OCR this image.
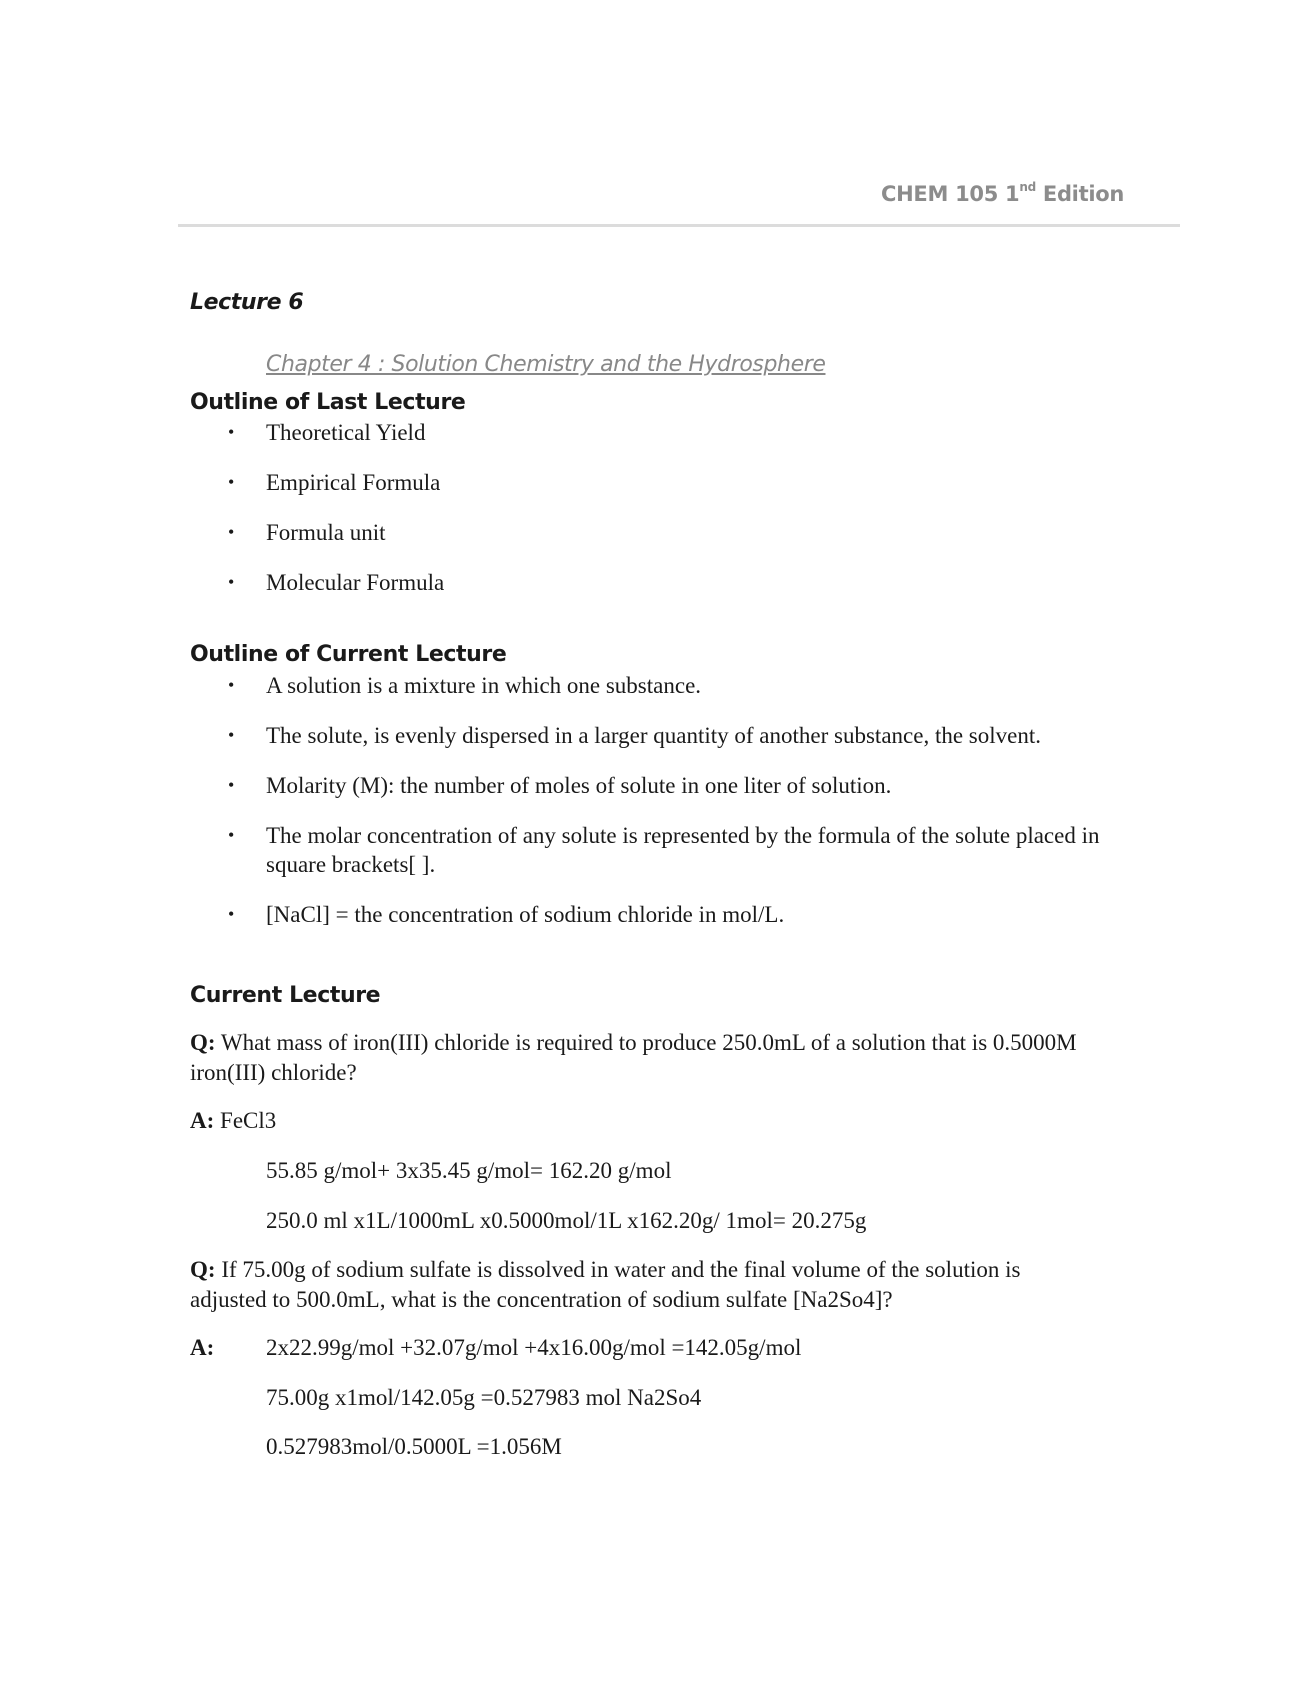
CHEM 105 1nd Edition
Lecture 6
Chapter 4 : Solution Chemistry and the Hydrosphere
Outline of Last Lecture
• Theoretical Yield
• Empirical Formula
• Formula unit
• Molecular Formula
Outline of Current Lecture
• A solution is a mixture in which one substance.
• The solute, is evenly dispersed in a larger quantity of another substance, the solvent.
• Molarity (M): the number of moles of solute in one liter of solution.
• The molar concentration of any solute is represented by the formula of the solute placed in square brackets[ ].
• [NaCl] = the concentration of sodium chloride in mol/L.
Current Lecture
Q: What mass of iron(III) chloride is required to produce 250.0mL of a solution that is 0.5000M iron(III) chloride?
A: FeCl3
55.85 g/mol+ 3x35.45 g/mol= 162.20 g/mol
250.0 ml x1L/1000mL x0.5000mol/1L x162.20g/ 1mol= 20.275g
Q: If 75.00g of sodium sulfate is dissolved in water and the final volume of the solution is adjusted to 500.0mL, what is the concentration of sodium sulfate [Na2So4]?
A:	2x22.99g/mol +32.07g/mol +4x16.00g/mol =142.05g/mol
75.00g x1mol/142.05g =0.527983 mol Na2So4
0.527983mol/0.5000L =1.056M
